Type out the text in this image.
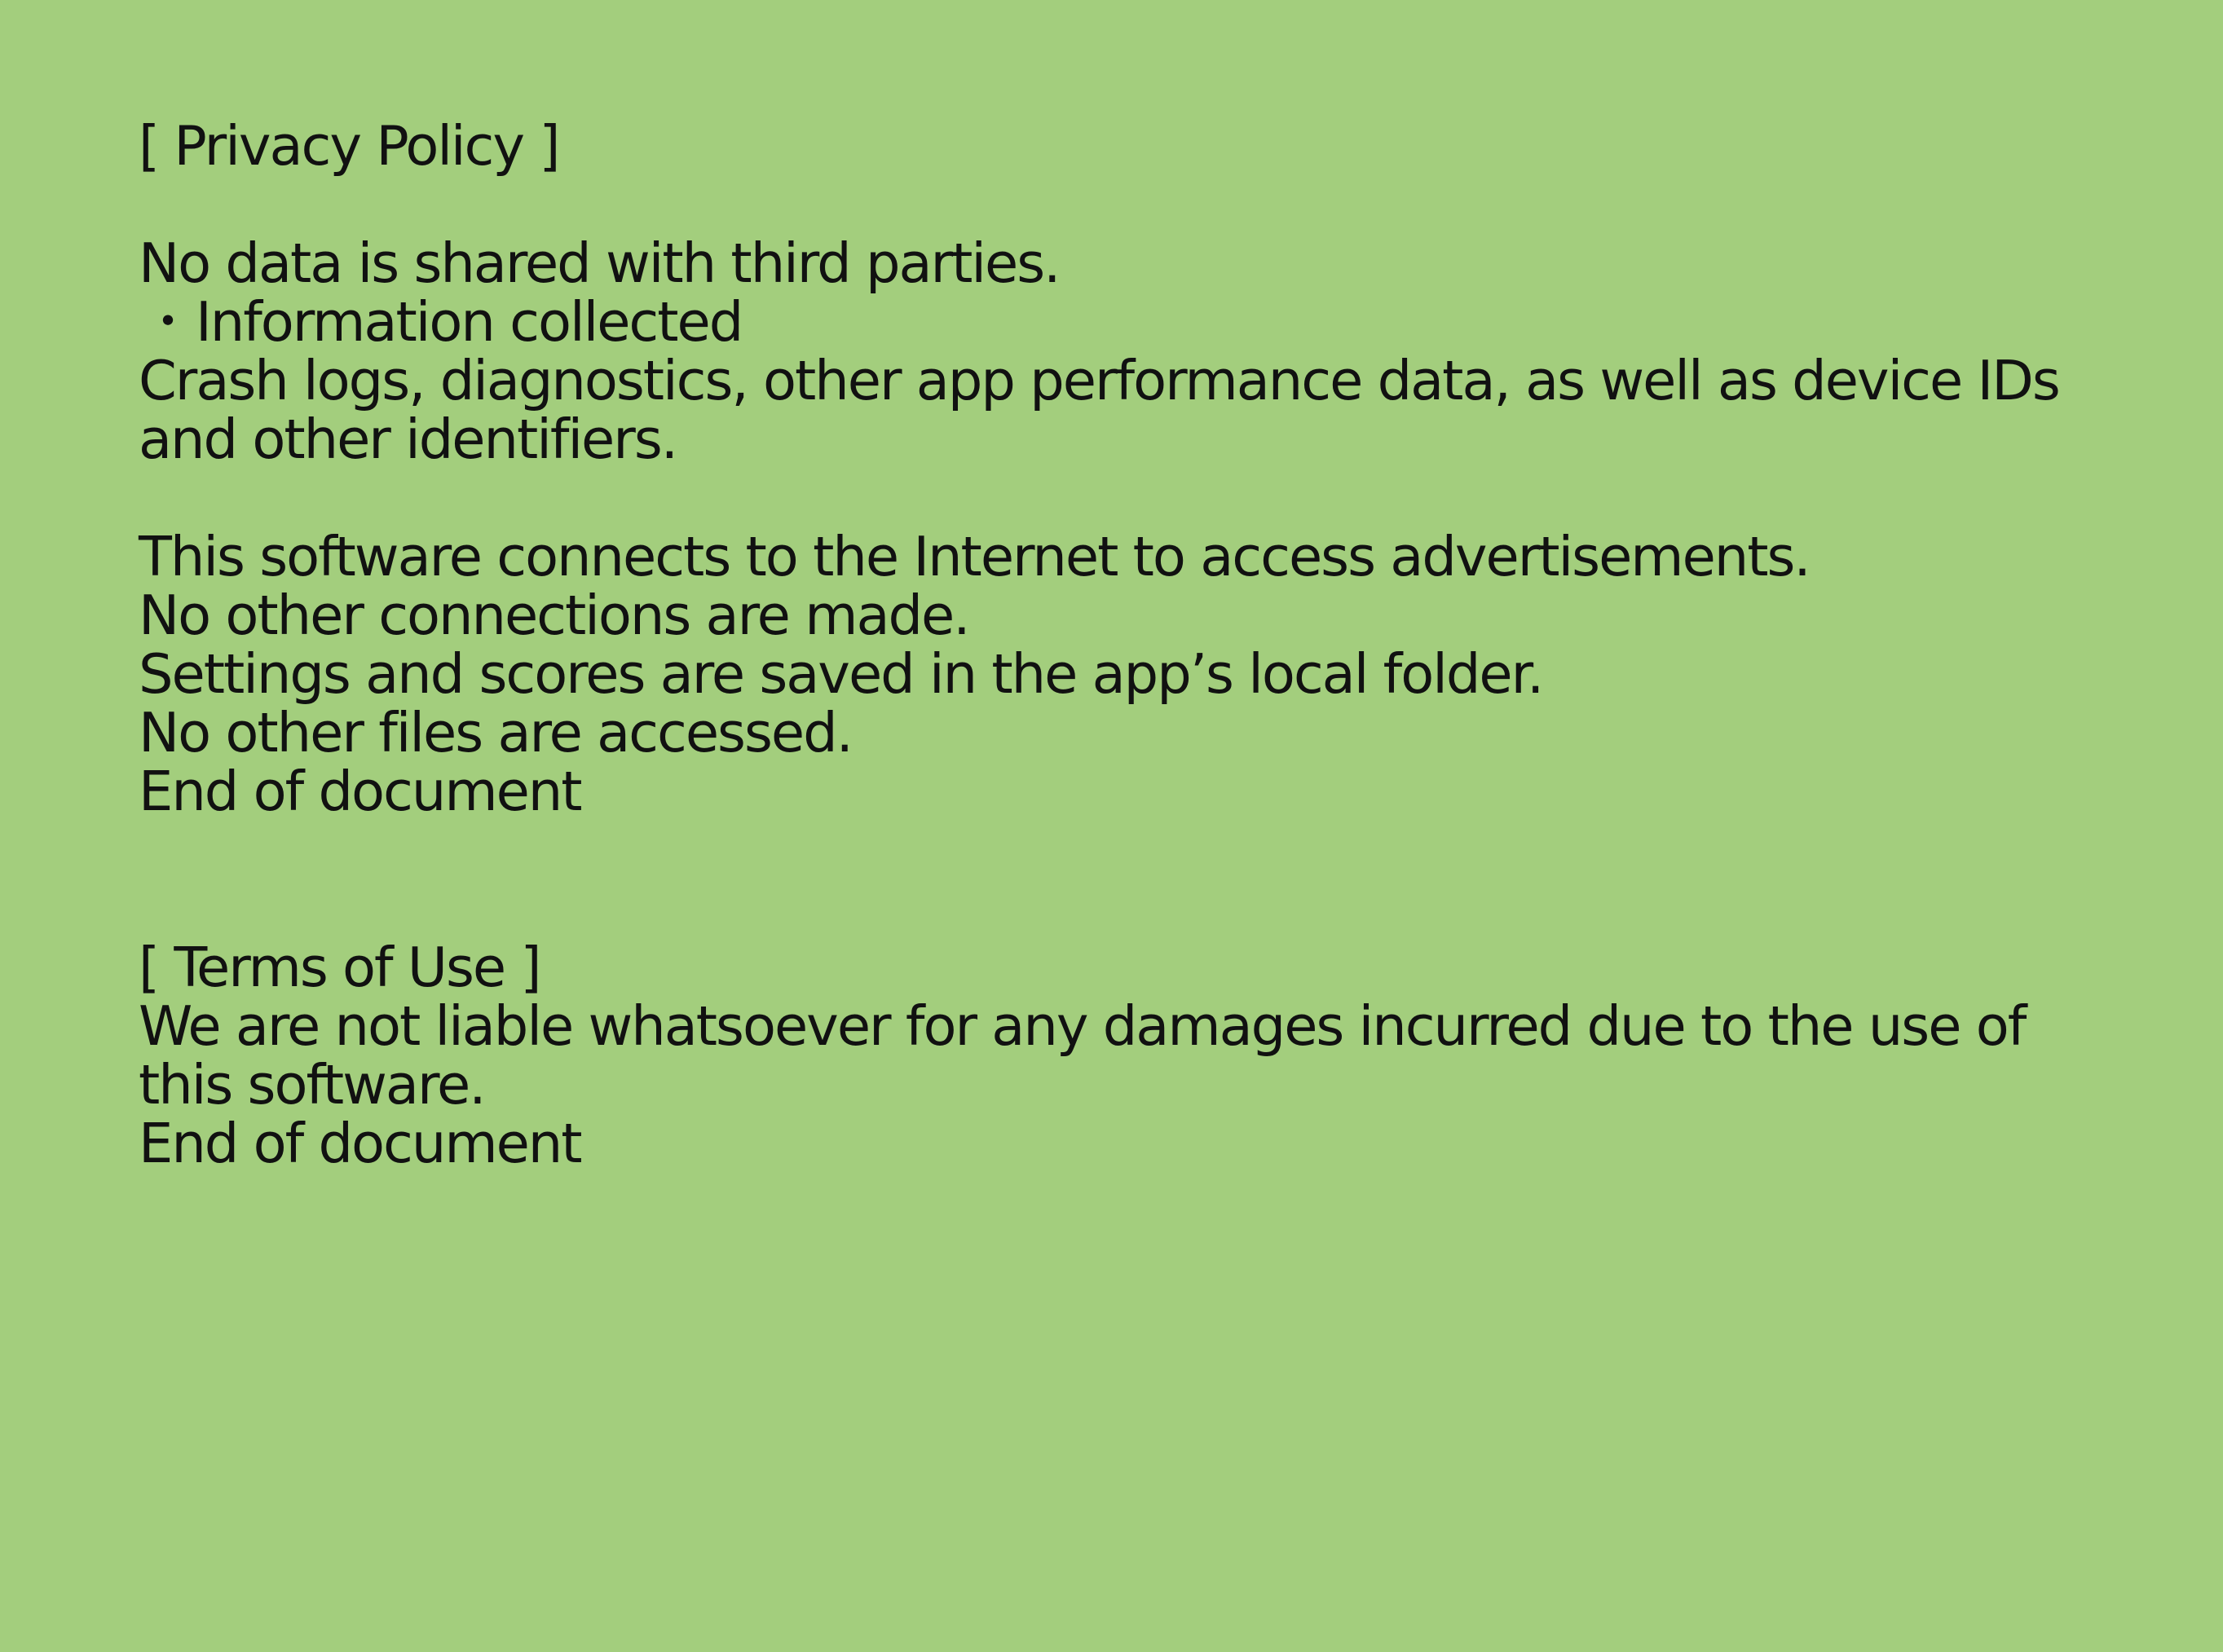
[ Privacy Policy ]
No data is shared with third parties.
・Information collected
Crash logs, diagnostics, other app performance data, as well as device IDs
and other identifiers.
This software connects to the Internet to access advertisements.
No other connections are made.
Settings and scores are saved in the app’s local folder.
No other files are accessed.
End of document
[ Terms of Use ]
We are not liable whatsoever for any damages incurred due to the use of
this software.
End of document
